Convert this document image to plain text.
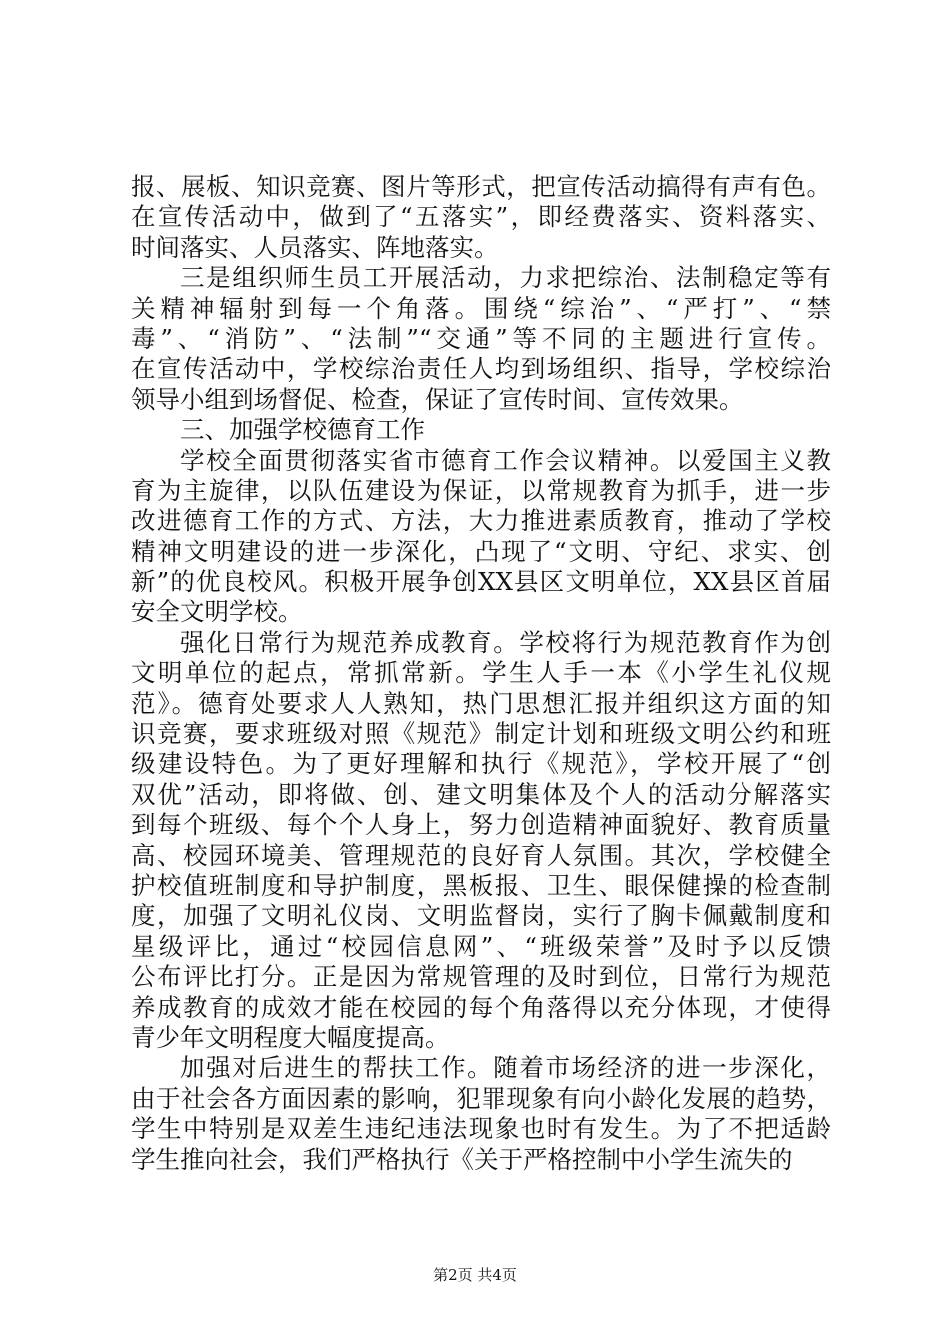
报、展板、知识竞赛、图片等形式，把宣传活动搞得有声有色。
在宣传活动中，做到了“五落实”，即经费落实、资料落实、
时间落实、人员落实、阵地落实。
三是组织师生员工开展活动，力求把综治、法制稳定等有
关精神辐射到每一个角落。围绕“综治”、“严打”、“禁
毒”、“消防”、“法制”“交通”等不同的主题进行宣传。
在宣传活动中，学校综治责任人均到场组织、指导，学校综治
领导小组到场督促、检查，保证了宣传时间、宣传效果。
三、加强学校德育工作
学校全面贯彻落实省市德育工作会议精神。以爱国主义教
育为主旋律，以队伍建设为保证，以常规教育为抓手，进一步
改进德育工作的方式、方法，大力推进素质教育，推动了学校
精神文明建设的进一步深化，凸现了“文明、守纪、求实、创
新”的优良校风。积极开展争创XX县区文明单位，XX县区首届
安全文明学校。
强化日常行为规范养成教育。学校将行为规范教育作为创
文明单位的起点，常抓常新。学生人手一本《小学生礼仪规
范》。德育处要求人人熟知，热门思想汇报并组织这方面的知
识竞赛，要求班级对照《规范》制定计划和班级文明公约和班
级建设特色。为了更好理解和执行《规范》，学校开展了“创
双优”活动，即将做、创、建文明集体及个人的活动分解落实
到每个班级、每个个人身上，努力创造精神面貌好、教育质量
高、校园环境美、管理规范的良好育人氛围。其次，学校健全
护校值班制度和导护制度，黑板报、卫生、眼保健操的检查制
度，加强了文明礼仪岗、文明监督岗，实行了胸卡佩戴制度和
星级评比，通过“校园信息网”、“班级荣誉”及时予以反馈
公布评比打分。正是因为常规管理的及时到位，日常行为规范
养成教育的成效才能在校园的每个角落得以充分体现，才使得
青少年文明程度大幅度提高。
加强对后进生的帮扶工作。随着市场经济的进一步深化，
由于社会各方面因素的影响，犯罪现象有向小龄化发展的趋势，
学生中特别是双差生违纪违法现象也时有发生。为了不把适龄
学生推向社会，我们严格执行《关于严格控制中小学生流失的
第2页 共4页
